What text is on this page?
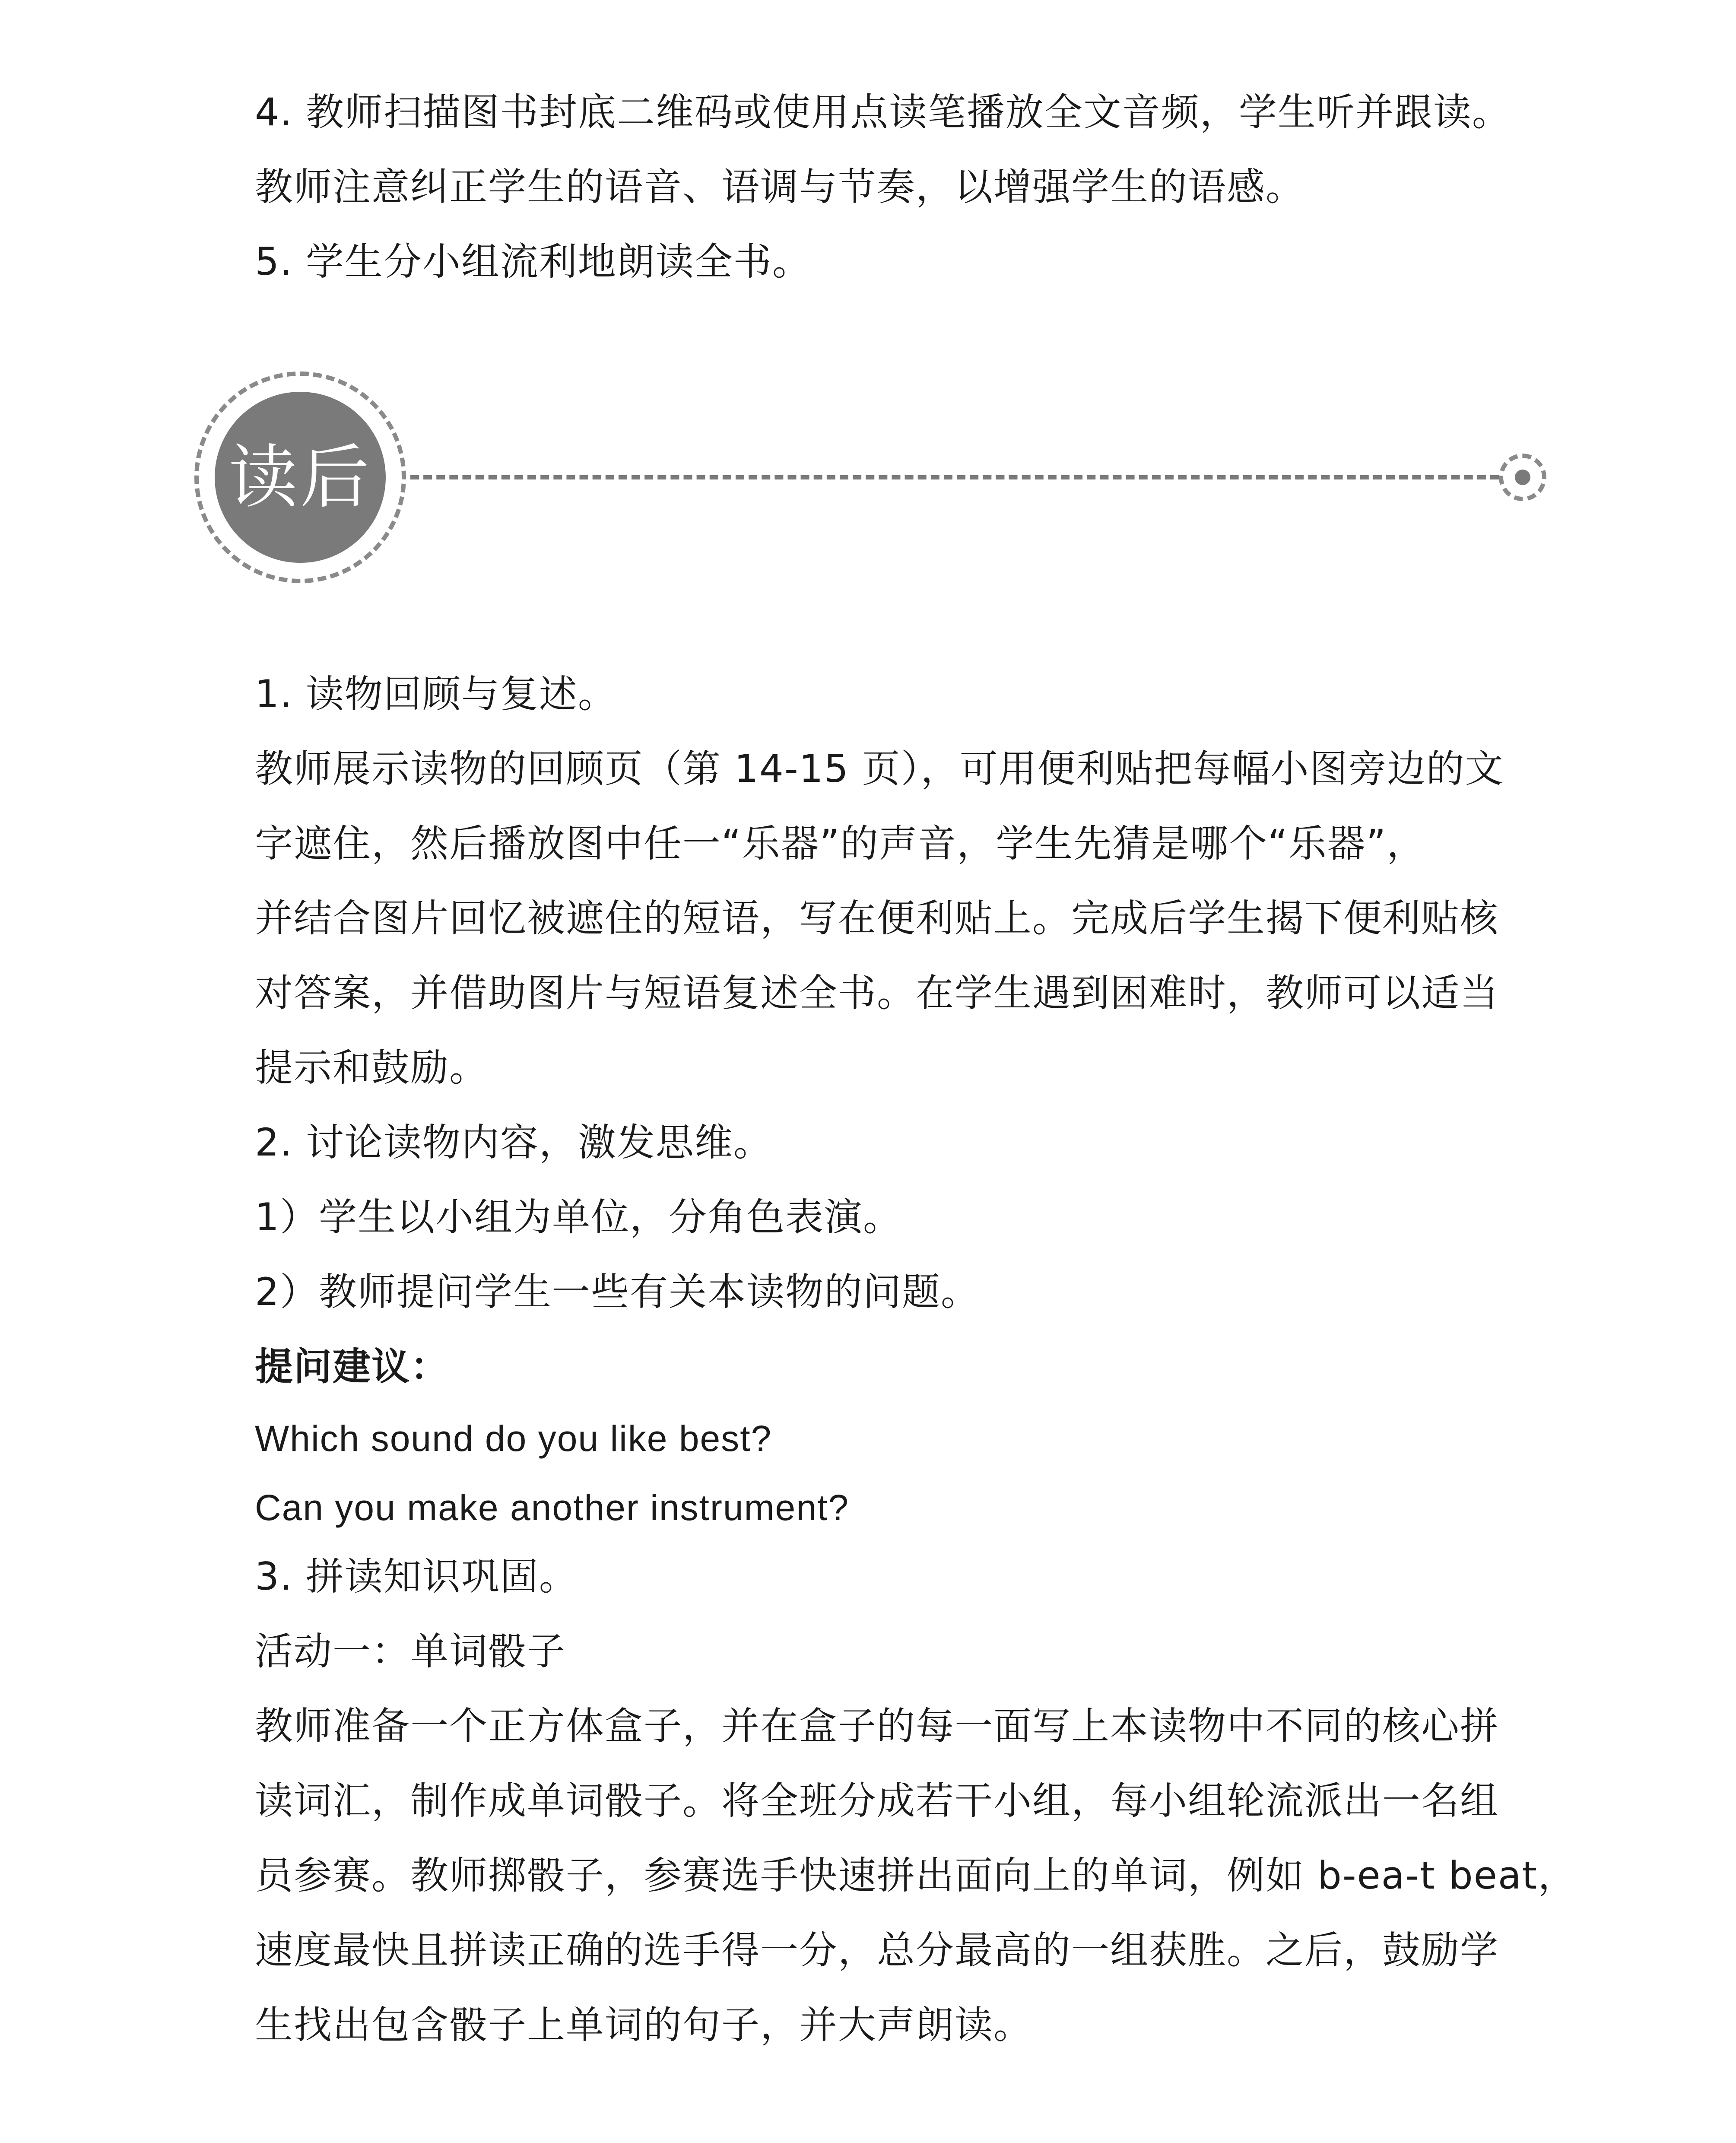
4. 教师扫描图书封底二维码或使用点读笔播放全文音频，学生听并跟读。
教师注意纠正学生的语音、语调与节奏，以增强学生的语感。
5. 学生分小组流利地朗读全书。
读后
1. 读物回顾与复述。
教师展示读物的回顾页（第 14-15 页），可用便利贴把每幅小图旁边的文
字遮住，然后播放图中任一“乐器”的声音，学生先猜是哪个“乐器”，
并结合图片回忆被遮住的短语，写在便利贴上。完成后学生揭下便利贴核
对答案，并借助图片与短语复述全书。在学生遇到困难时，教师可以适当
提示和鼓励。
2. 讨论读物内容，激发思维。
1）学生以小组为单位，分角色表演。
2）教师提问学生一些有关本读物的问题。
提问建议：
Which sound do you like best?
Can you make another instrument?
3. 拼读知识巩固。
活动一：单词骰子
教师准备一个正方体盒子，并在盒子的每一面写上本读物中不同的核心拼
读词汇，制作成单词骰子。将全班分成若干小组，每小组轮流派出一名组
员参赛。教师掷骰子，参赛选手快速拼出面向上的单词，例如 b-ea-t beat，
速度最快且拼读正确的选手得一分，总分最高的一组获胜。之后，鼓励学
生找出包含骰子上单词的句子，并大声朗读。
